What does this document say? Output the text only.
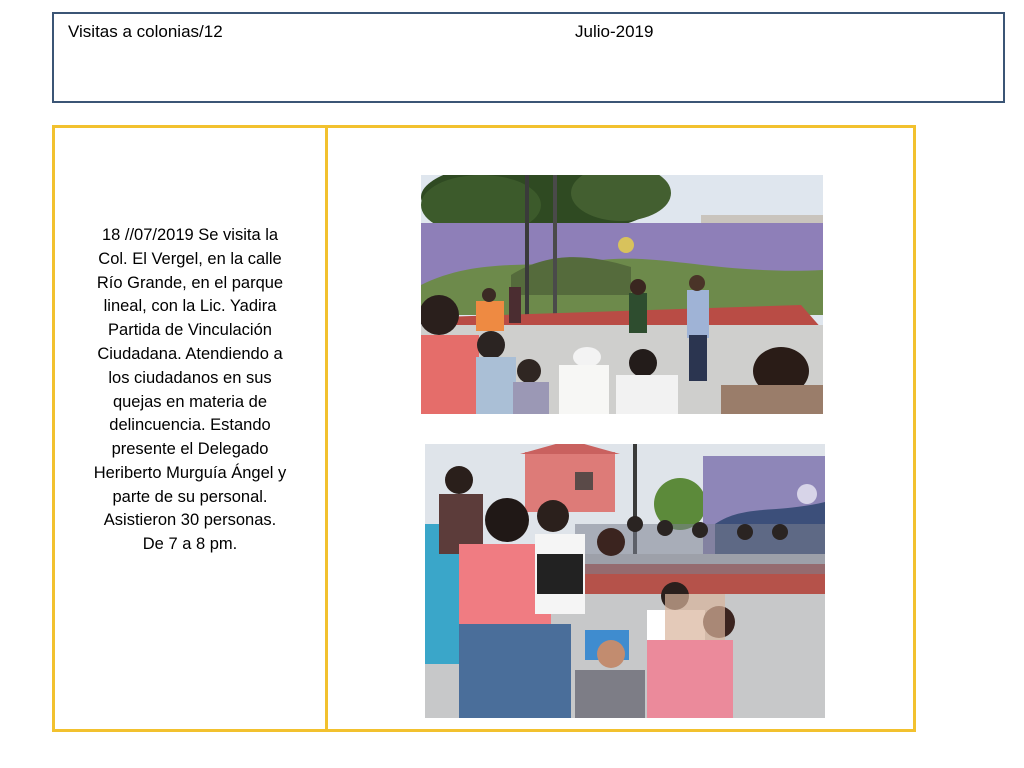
Visitas a colonias/12	Julio-2019
18 //07/2019 Se visita la
Col. El Vergel, en la calle
Río Grande, en el parque
lineal, con la Lic. Yadira
Partida de Vinculación
Ciudadana. Atendiendo a
los ciudadanos en sus
quejas en materia de
delincuencia. Estando
presente el Delegado
Heriberto Murguía Ángel y
parte de su personal.
Asistieron 30 personas.
De 7 a 8 pm.
